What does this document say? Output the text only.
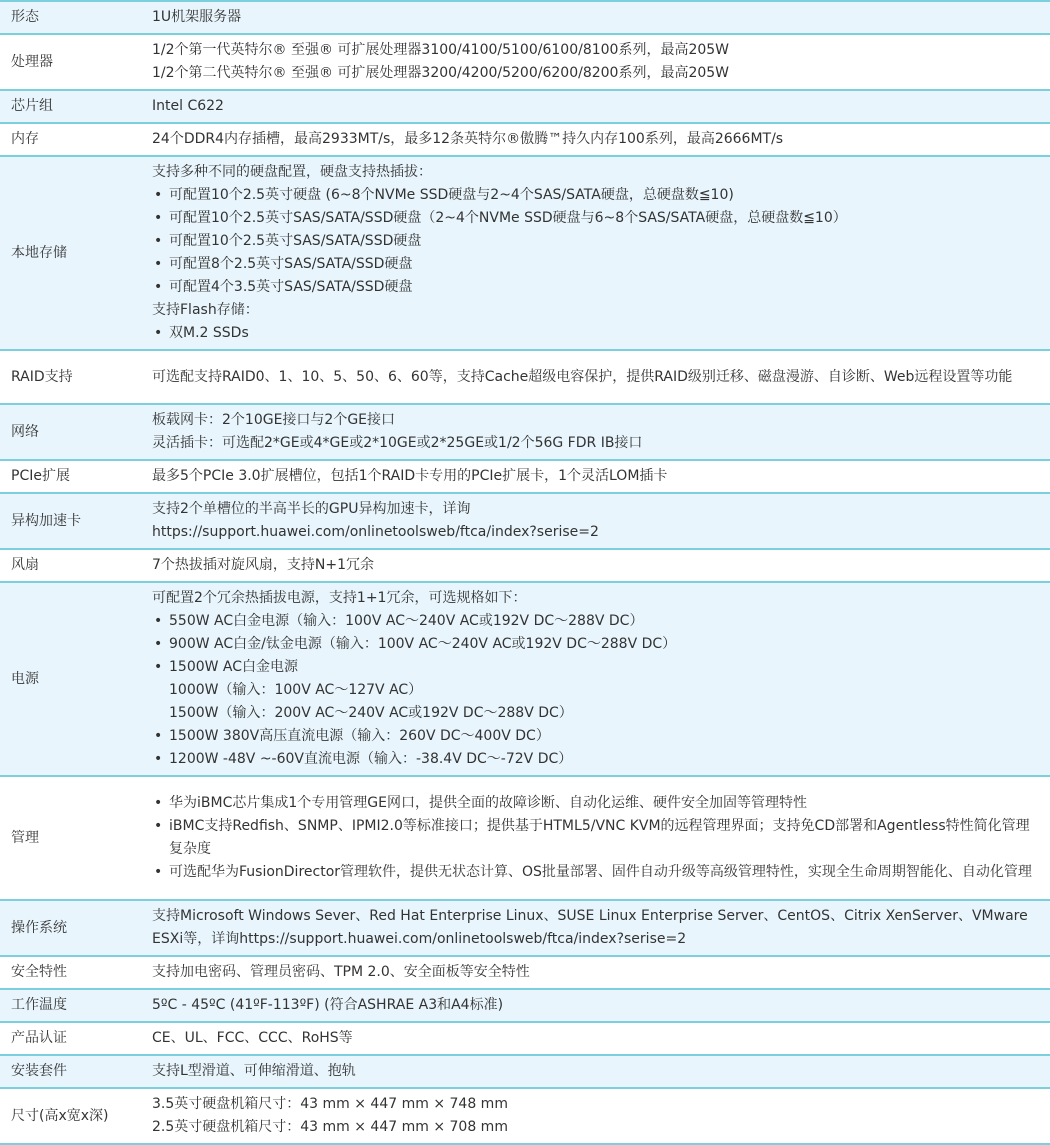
形态	1U机架服务器

处理器	1/2个第一代英特尔® 至强® 可扩展处理器3100/4100/5100/6100/8100系列，最高205W
1/2个第二代英特尔® 至强® 可扩展处理器3200/4200/5200/6200/8200系列，最高205W

芯片组	Intel C622

内存	24个DDR4内存插槽，最高2933MT/s，最多12条英特尔®傲腾™持久内存100系列，最高2666MT/s

本地存储	
支持多种不同的硬盘配置，硬盘支持热插拔：
• 可配置10个2.5英寸硬盘 (6~8个NVMe SSD硬盘与2~4个SAS/SATA硬盘，总硬盘数≦10)
• 可配置10个2.5英寸SAS/SATA/SSD硬盘（2~4个NVMe SSD硬盘与6~8个SAS/SATA硬盘，总硬盘数≦10）
• 可配置10个2.5英寸SAS/SATA/SSD硬盘
• 可配置8个2.5英寸SAS/SATA/SSD硬盘
• 可配置4个3.5英寸SAS/SATA/SSD硬盘
支持Flash存储：
• 双M.2 SSDs

RAID支持	可选配支持RAID0、1、10、5、50、6、60等，支持Cache超级电容保护，提供RAID级别迁移、磁盘漫游、自诊断、Web远程设置等功能

网络	板载网卡：2个10GE接口与2个GE接口
灵活插卡：可选配2*GE或4*GE或2*10GE或2*25GE或1/2个56G FDR IB接口

PCIe扩展	最多5个PCIe 3.0扩展槽位，包括1个RAID卡专用的PCIe扩展卡，1个灵活LOM插卡

异构加速卡	支持2个单槽位的半高半长的GPU异构加速卡，详询
https://support.huawei.com/onlinetoolsweb/ftca/index?serise=2

风扇	7个热拔插对旋风扇，支持N+1冗余

电源	
可配置2个冗余热插拔电源，支持1+1冗余，可选规格如下：
• 550W AC白金电源（输入：100V AC～240V AC或192V DC～288V DC）
• 900W AC白金/钛金电源（输入：100V AC～240V AC或192V DC～288V DC）
• 1500W AC白金电源
1000W（输入：100V AC～127V AC）
1500W（输入：200V AC～240V AC或192V DC～288V DC）
• 1500W 380V高压直流电源（输入：260V DC～400V DC）
• 1200W -48V ~-60V直流电源（输入：-38.4V DC～-72V DC）

管理	• 华为iBMC芯片集成1个专用管理GE网口，提供全面的故障诊断、自动化运维、硬件安全加固等管理特性
• iBMC支持Redfish、SNMP、IPMI2.0等标准接口；提供基于HTML5/VNC KVM的远程管理界面；支持免CD部署和Agentless特性简化管理复杂度
• 可选配华为FusionDirector管理软件，提供无状态计算、OS批量部署、固件自动升级等高级管理特性，实现全生命周期智能化、自动化管理

操作系统	支持Microsoft Windows Sever、Red Hat Enterprise Linux、SUSE Linux Enterprise Server、CentOS、Citrix XenServer、VMware ESXi等，详询https://support.huawei.com/onlinetoolsweb/ftca/index?serise=2

安全特性	支持加电密码、管理员密码、TPM 2.0、安全面板等安全特性

工作温度	5ºC - 45ºC (41ºF-113ºF) (符合ASHRAE A3和A4标准)

产品认证	CE、UL、FCC、CCC、RoHS等

安装套件	支持L型滑道、可伸缩滑道、抱轨

尺寸(高x宽x深)	3.5英寸硬盘机箱尺寸：43 mm × 447 mm × 748 mm
2.5英寸硬盘机箱尺寸：43 mm × 447 mm × 708 mm
